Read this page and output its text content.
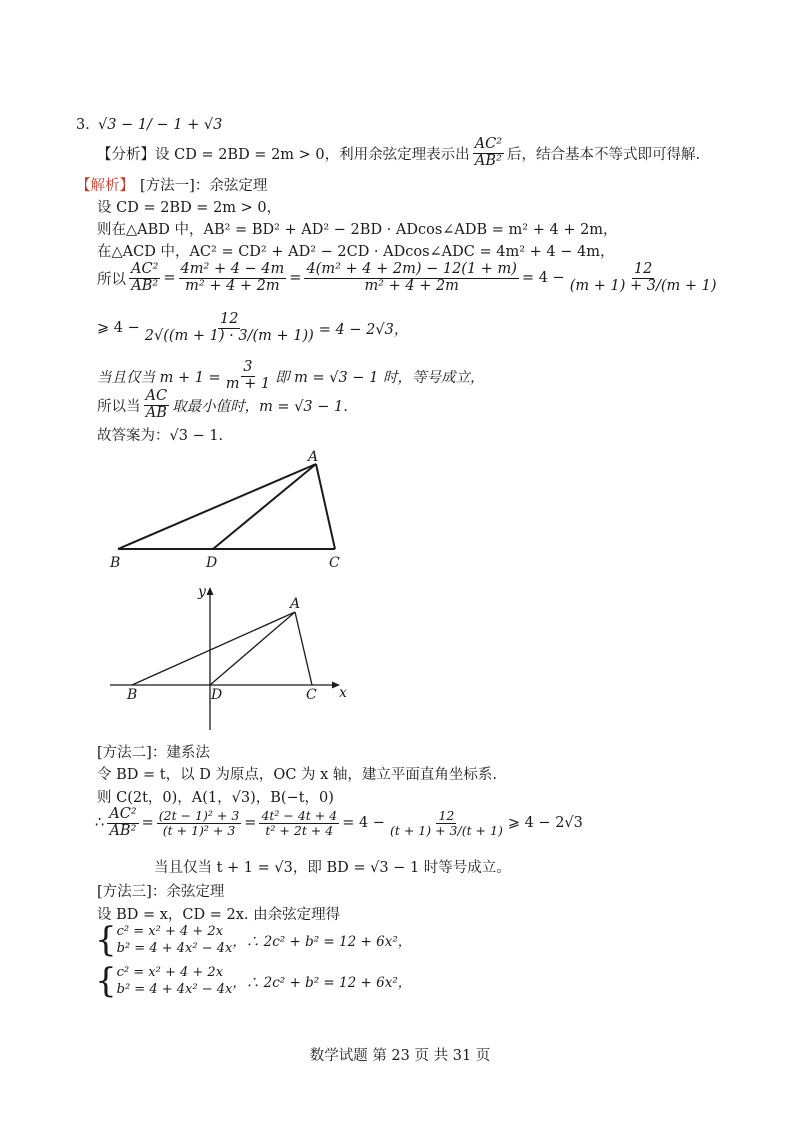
3. √3 − 1/ − 1 + √3
【分析】 设 CD = 2BD = 2m > 0，利用余弦定理表示出 $\frac{\text{AC²}}{\text{AB²}}$ 后，结合基本不等式即可得解.
【解析】 [方法一]：余弦定理
设 CD = 2BD = 2m > 0，
则在△ABD 中，AB² = BD² + AD² − 2BD · ADcos∠ADB = m² + 4 + 2m，
在△ACD 中，AC² = CD² + AD² − 2CD · ADcos∠ADC = 4m² + 4 − 4m，
所以 $\frac{\text{AC²}}{\text{AB²}} = \frac{\text{4m² + 4 − 4m}}{\text{m² + 4 + 2m}} = \frac{\text{4(m² + 4 + 2m) − 12(1 + m)}}{\text{m² + 4 + 2m}} = 4 - \frac{12}{(m + 1) + 3/(m + 1)}$
⩾ $4 - \frac{12}{2√((m + 1) \cdot 3/(m + 1))} = 4 - 2√3$，
当且仅当 $m + 1 = \frac{3}{m + 1}$ 即 m = √3 − 1 时，等号成立，
所以当 $\frac{AC}{AB}$ 取最小值时，m = √3 − 1.
故答案为：√3 − 1.
A
B	D	C
A
B	D	C x
y
[方法二]：建系法
令 BD = t，以 D 为原点，OC 为 x 轴，建立平面直角坐标系.
则 C(2t，0)，A(1，√3)，B(−t，0)
∴ $\frac{\text{AC²}}{\text{AB²}} = \frac{\text{(2t − 1)² + 3}}{\text{(t + 1)² + 3}} = \frac{\text{4t² − 4t + 4}}{\text{t² + 2t + 4}} = 4 - \frac{12}{(t + 1) + 3/(t + 1)}$ ⩾ 4 − 2√3
当且仅当 t + 1 = √3，即 BD = √3 − 1 时等号成立。
[方法三]：余弦定理
设 BD = x，CD = 2x. 由余弦定理得
{ c² = x² + 4 + 2x
b² = 4 + 4x² − 4x ，∴ 2c² + b² = 12 + 6x²，
{ c² = x² + 4 + 2x
b² = 4 + 4x² − 4x ，∴ 2c² + b² = 12 + 6x²，
数学试题 第 23 页 共 31 页
